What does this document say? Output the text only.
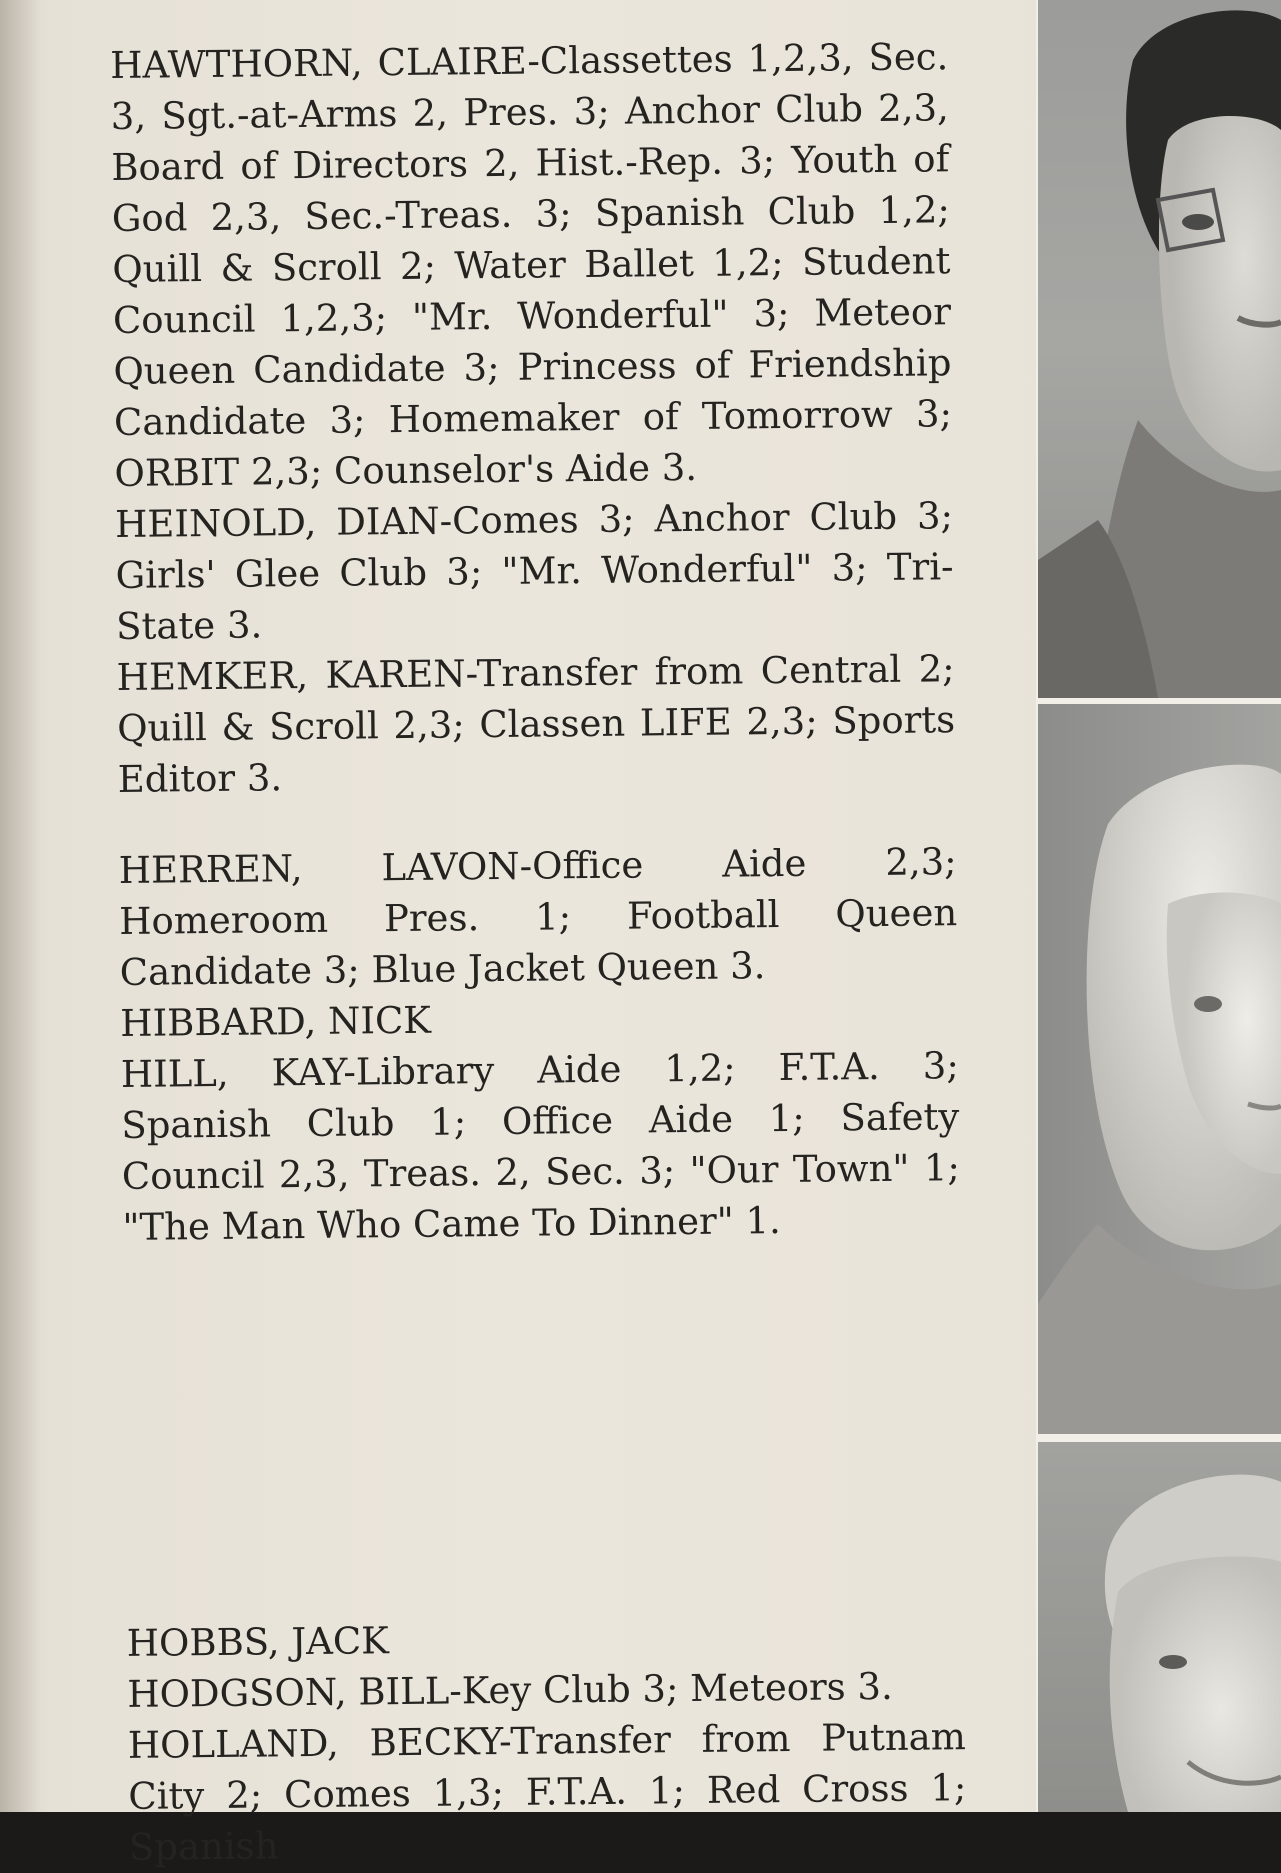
HAWTHORN, CLAIRE-Classettes 1,2,3, Sec. 3, Sgt.-at-Arms 2, Pres. 3; Anchor Club 2,3, Board of Directors 2, Hist.-Rep. 3; Youth of God 2,3, Sec.-Treas. 3; Spanish Club 1,2; Quill & Scroll 2; Water Ballet 1,2; Student Council 1,2,3; "Mr. Wonderful" 3; Meteor Queen Candidate 3; Princess of Friendship Candidate 3; Homemaker of Tomorrow 3; ORBIT 2,3; Counselor's Aide 3.

HEINOLD, DIAN-Comes 3; Anchor Club 3; Girls' Glee Club 3; "Mr. Wonderful" 3; Tri-State 3.

HEMKER, KAREN-Transfer from Central 2; Quill & Scroll 2,3; Classen LIFE 2,3; Sports Editor 3.

HERREN, LAVON-Office Aide 2,3; Homeroom Pres. 1; Football Queen Candidate 3; Blue Jacket Queen 3.

HIBBARD, NICK

HILL, KAY-Library Aide 1,2; F.T.A. 3; Spanish Club 1; Office Aide 1; Safety Council 2,3, Treas. 2, Sec. 3; "Our Town" 1; "The Man Who Came To Dinner" 1.

HOBBS, JACK

HODGSON, BILL-Key Club 3; Meteors 3.

HOLLAND, BECKY-Transfer from Putnam City 2; Comes 1,3; F.T.A. 1; Red Cross 1; Spanish
